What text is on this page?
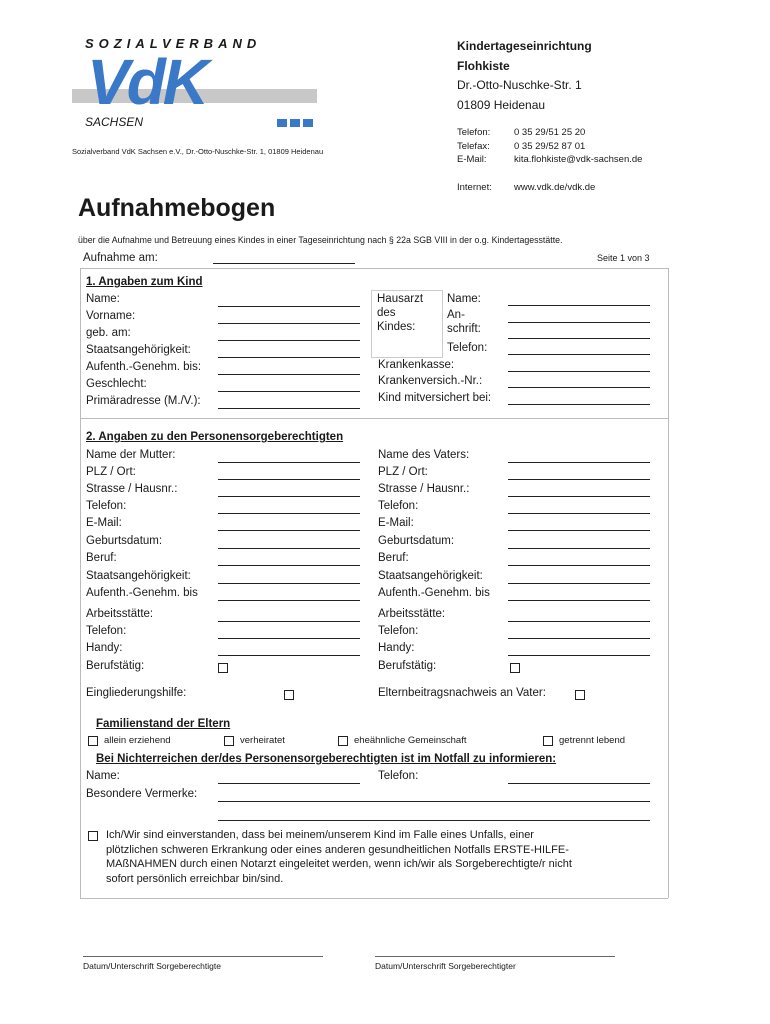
SOZIALVERBAND
VdK
SACHSEN
Sozialverband VdK Sachsen e.V., Dr.-Otto-Nuschke-Str. 1, 01809 Heidenau
Kindertageseinrichtung
Flohkiste
Dr.-Otto-Nuschke-Str. 1
01809 Heidenau
Telefon: 0 35 29/51 25 20
Telefax:	0 35 29/52 87 01
E-Mail:	kita.flohkiste@vdk-sachsen.de
Internet: www.vdk.de/vdk.de
Aufnahmebogen
über die Aufnahme und Betreuung eines Kindes in einer Tageseinrichtung nach § 22a SGB VIII in der o.g. Kindertagesstätte.
Aufnahme am:	Seite 1 von 3
1. Angaben zum Kind
Name:
Vorname:
geb. am:
Staatsangehörigkeit:
Aufenth.-Genehm. bis:
Geschlecht:
Primäradresse (M./V.):
Hausarzt
des
Kindes:
Name:
An-
schrift:
Telefon:
Krankenkasse:
Krankenversich.-Nr.:
Kind mitversichert bei:
2. Angaben zu den Personensorgeberechtigten
Name der Mutter:	Name des Vaters:
PLZ / Ort:	PLZ / Ort:
Strasse / Hausnr.:	Strasse / Hausnr.:
Telefon:	Telefon:
E-Mail:	E-Mail:
Geburtsdatum:	Geburtsdatum:
Beruf:	Beruf:
Staatsangehörigkeit:	Staatsangehörigkeit:
Aufenth.-Genehm. bis	Aufenth.-Genehm. bis
Arbeitsstätte:	Arbeitsstätte:
Telefon:	Telefon:
Handy:	Handy:
Berufstätig:	Berufstätig:
Eingliederungshilfe:	Elternbeitragsnachweis an Vater:
Familienstand der Eltern
allein erziehend	verheiratet	eheähnliche Gemeinschaft	getrennt lebend
Bei Nichterreichen der/des Personensorgeberechtigten ist im Notfall zu informieren:
Name:	Telefon:
Besondere Vermerke:
Ich/Wir sind einverstanden, dass bei meinem/unserem Kind im Falle eines Unfalls, einer
plötzlichen schweren Erkrankung oder eines anderen gesundheitlichen Notfalls ERSTE-HILFE-
MAßNAHMEN durch einen Notarzt eingeleitet werden, wenn ich/wir als Sorgeberechtigte/r nicht
sofort persönlich erreichbar bin/sind.
Datum/Unterschrift Sorgeberechtigte	Datum/Unterschrift Sorgeberechtigter
